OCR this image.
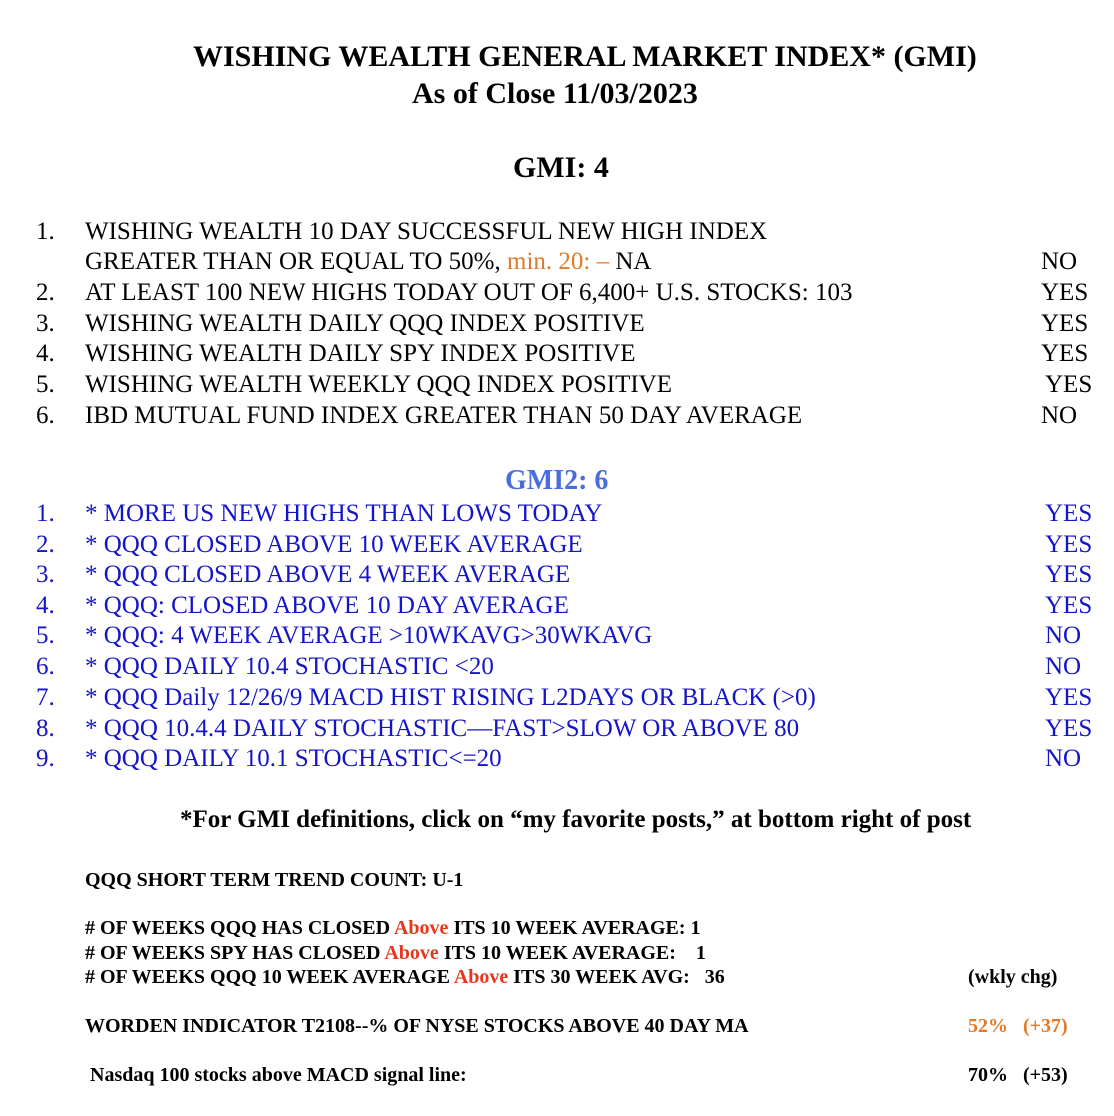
WISHING WEALTH GENERAL MARKET INDEX* (GMI)
As of Close 11/03/2023
GMI: 4
1. WISHING WEALTH 10 DAY SUCCESSFUL NEW HIGH INDEX
GREATER THAN OR EQUAL TO 50%, min. 20: – NA	NO
2. AT LEAST 100 NEW HIGHS TODAY OUT OF 6,400+ U.S. STOCKS: 103	YES
3. WISHING WEALTH DAILY QQQ INDEX POSITIVE	YES
4. WISHING WEALTH DAILY SPY INDEX POSITIVE	YES
5. WISHING WEALTH WEEKLY QQQ INDEX POSITIVE	YES
6. IBD MUTUAL FUND INDEX GREATER THAN 50 DAY AVERAGE	NO
GMI2: 6
1. * MORE US NEW HIGHS THAN LOWS TODAY	YES
2. * QQQ CLOSED ABOVE 10 WEEK AVERAGE	YES
3. * QQQ CLOSED ABOVE 4 WEEK AVERAGE	YES
4. * QQQ: CLOSED ABOVE 10 DAY AVERAGE	YES
5. * QQQ: 4 WEEK AVERAGE >10WKAVG>30WKAVG	NO
6. * QQQ DAILY 10.4 STOCHASTIC <20	NO
7. * QQQ Daily 12/26/9 MACD HIST RISING L2DAYS OR BLACK (>0)	YES
8. * QQQ 10.4.4 DAILY STOCHASTIC—FAST>SLOW OR ABOVE 80	YES
9. * QQQ DAILY 10.1 STOCHASTIC<=20	NO
*For GMI definitions, click on “my favorite posts,” at bottom right of post
QQQ SHORT TERM TREND COUNT: U-1
# OF WEEKS QQQ HAS CLOSED Above ITS 10 WEEK AVERAGE: 1
# OF WEEKS SPY HAS CLOSED Above ITS 10 WEEK AVERAGE:    1
# OF WEEKS QQQ 10 WEEK AVERAGE Above ITS 30 WEEK AVG:   36	(wkly chg)
WORDEN INDICATOR T2108--% OF NYSE STOCKS ABOVE 40 DAY MA	52%   (+37)
Nasdaq 100 stocks above MACD signal line:	70%   (+53)
